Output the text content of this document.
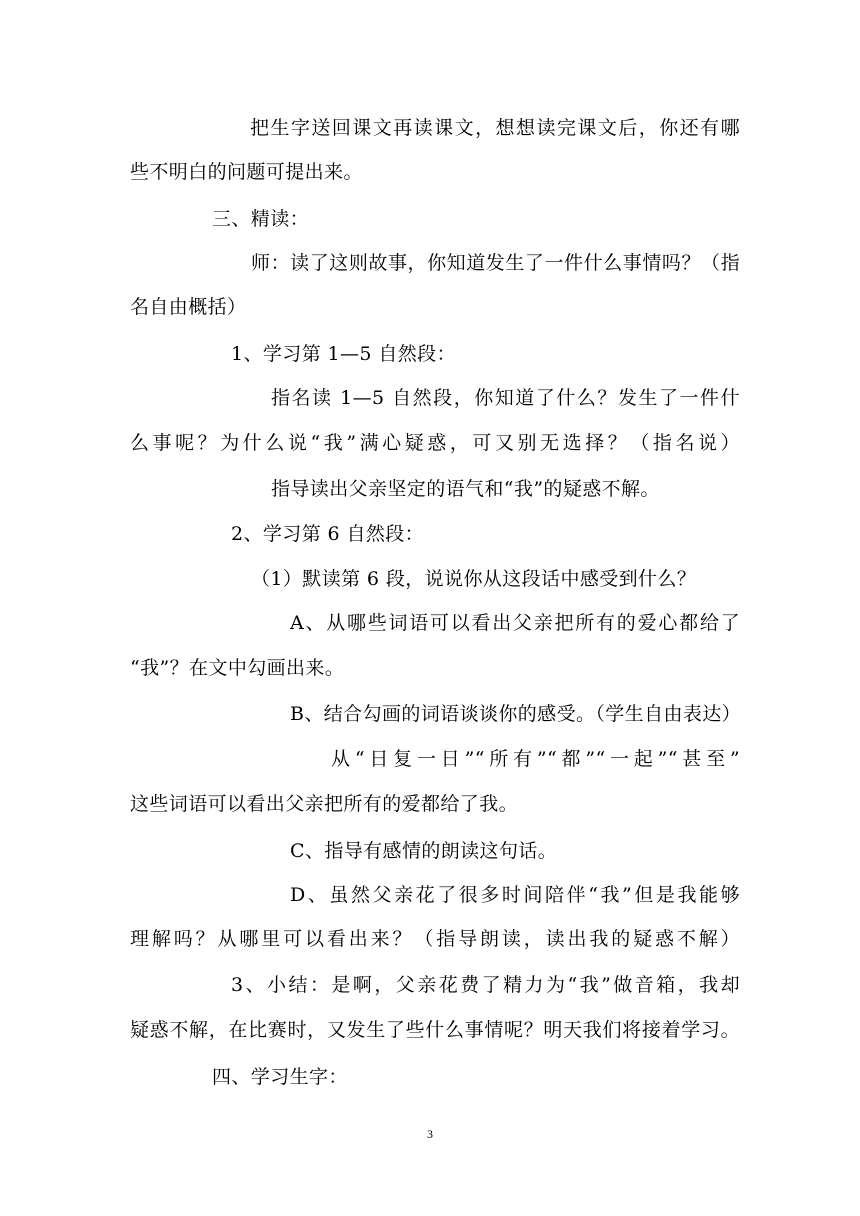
把生字送回课文再读课文，想想读完课文后，你还有哪
些不明白的问题可提出来。
三、精读：
师：读了这则故事，你知道发生了一件什么事情吗？（指
名自由概括）
1、学习第 1—5 自然段：
指名读 1—5 自然段，你知道了什么？发生了一件什
么事呢？为什么说“我”满心疑惑，可又别无选择？（指名说）
指导读出父亲坚定的语气和“我”的疑惑不解。
2、学习第 6 自然段：
（1）默读第 6 段，说说你从这段话中感受到什么？
A、从哪些词语可以看出父亲把所有的爱心都给了
“我”？在文中勾画出来。
B、结合勾画的词语谈谈你的感受。（学生自由表达）
从“日复一日”“所有”“都”“一起”“甚至”
这些词语可以看出父亲把所有的爱都给了我。
C、指导有感情的朗读这句话。
D、虽然父亲花了很多时间陪伴“我”但是我能够
理解吗？从哪里可以看出来？（指导朗读，读出我的疑惑不解）
3、小结：是啊，父亲花费了精力为“我”做音箱，我却
疑惑不解，在比赛时，又发生了些什么事情呢？明天我们将接着学习。
四、学习生字：
3
